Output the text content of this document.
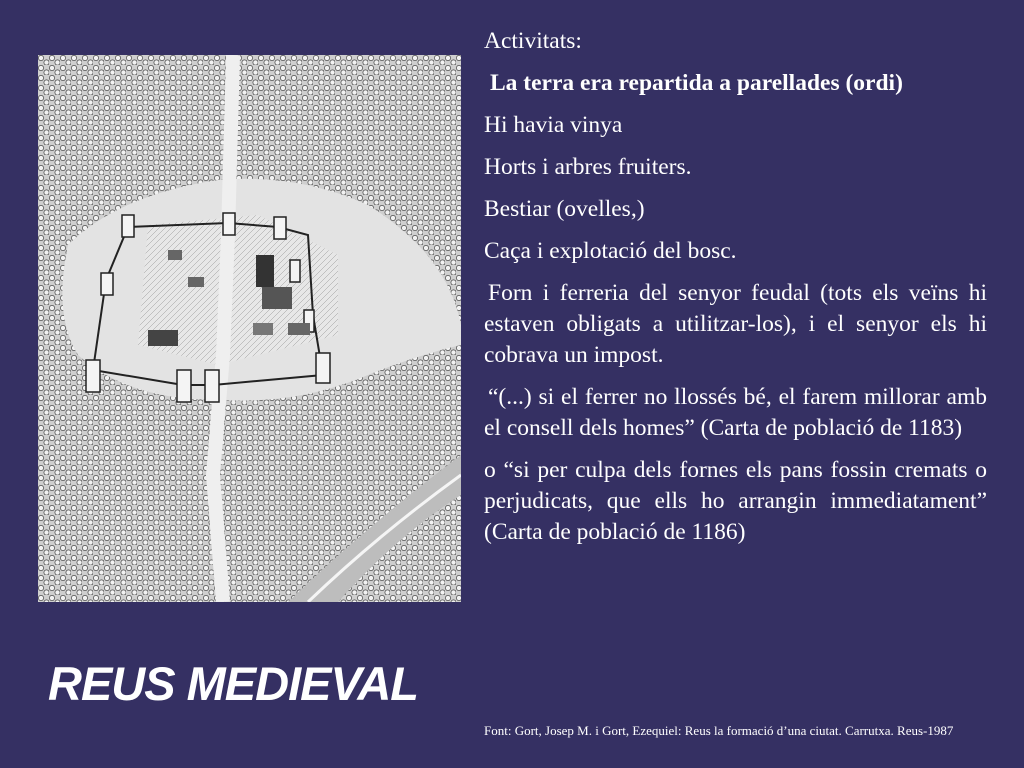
REUS MEDIEVAL

Activitats:

La terra era repartida a parellades (ordi)

Hi havia vinya

Horts i arbres fruiters.

Bestiar (ovelles,)

Caça i explotació del bosc.

Forn i ferreria del senyor feudal (tots els veïns hi estaven obligats a utilitzar-los), i el senyor els hi cobrava un impost.

“(...) si el ferrer no llossés bé, el farem millorar amb el consell dels homes” (Carta de població de 1183)

o “si per culpa dels fornes els pans fossin cremats o perjudicats, que ells ho arrangin immediatament” (Carta de població de 1186)

Font: Gort, Josep M. i Gort, Ezequiel: Reus la formació d’una ciutat. Carrutxa. Reus-1987
